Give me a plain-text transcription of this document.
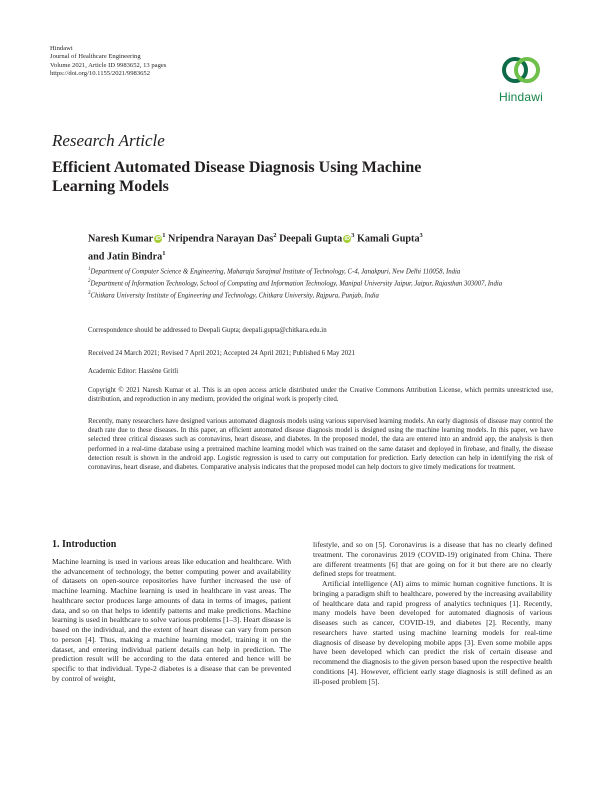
Hindawi
Journal of Healthcare Engineering
Volume 2021, Article ID 9983652, 13 pages
https://doi.org/10.1155/2021/9983652
Hindawi
Research Article
Efficient Automated Disease Diagnosis Using Machine Learning Models
Naresh Kumar $iD^1$ Nripendra Narayan Das$^2$ Deepali Gupta $iD^3$ Kamali Gupta$^3$
and Jatin Bindra$^1$

$^1$Department of Computer Science & Engineering, Maharaja Surajmal Institute of Technology, C-4, Janakpuri, New Delhi 110058, India

$^2$Department of Information Technology, School of Computing and Information Technology, Manipal University Jaipur, Jaipur, Rajasthan 303007, India

$^3$Chitkara University Institute of Engineering and Technology, Chitkara University, Rajpura, Punjab, India

Correspondence should be addressed to Deepali Gupta; deepali.gupta@chitkara.edu.in
Received 24 March 2021; Revised 7 April 2021; Accepted 24 April 2021; Published 6 May 2021
Academic Editor: Hassène Gritli
Copyright © 2021 Naresh Kumar et al. This is an open access article distributed under the Creative Commons Attribution License, which permits unrestricted use, distribution, and reproduction in any medium, provided the original work is properly cited.
Recently, many researchers have designed various automated diagnosis models using various supervised learning models. An early diagnosis of disease may control the death rate due to these diseases. In this paper, an efficient automated disease diagnosis model is designed using the machine learning models. In this paper, we have selected three critical diseases such as coronavirus, heart disease, and diabetes. In the proposed model, the data are entered into an android app, the analysis is then performed in a real-time database using a pretrained machine learning model which was trained on the same dataset and deployed in firebase, and finally, the disease detection result is shown in the android app. Logistic regression is used to carry out computation for prediction. Early detection can help in identifying the risk of coronavirus, heart disease, and diabetes. Comparative analysis indicates that the proposed model can help doctors to give timely medications for treatment.
1. Introduction

Machine learning is used in various areas like education and healthcare. With the advancement of technology, the better computing power and availability of datasets on open-source repositories have further increased the use of machine learning. Machine learning is used in healthcare in vast areas. The healthcare sector produces large amounts of data in terms of images, patient data, and so on that helps to identify patterns and make predictions. Machine learning is used in healthcare to solve various problems [1–3]. Heart disease is based on the individual, and the extent of heart disease can vary from person to person [4]. Thus, making a machine learning model, training it on the dataset, and entering individual patient details can help in prediction. The prediction result will be according to the data entered and hence will be specific to that individual. Type-2 diabetes is a disease that can be prevented by control of weight,

lifestyle, and so on [5]. Coronavirus is a disease that has no clearly defined treatment. The coronavirus 2019 (COVID-19) originated from China. There are different treatments [6] that are going on for it but there are no clearly defined steps for treatment.

Artificial intelligence (AI) aims to mimic human cognitive functions. It is bringing a paradigm shift to healthcare, powered by the increasing availability of healthcare data and rapid progress of analytics techniques [1]. Recently, many models have been developed for automated diagnosis of various diseases such as cancer, COVID-19, and diabetes [2]. Recently, many researchers have started using machine learning models for real-time diagnosis of disease by developing mobile apps [3]. Even some mobile apps have been developed which can predict the risk of certain disease and recommend the diagnosis to the given person based upon the respective health conditions [4]. However, efficient early stage diagnosis is still defined as an ill-posed problem [5].
